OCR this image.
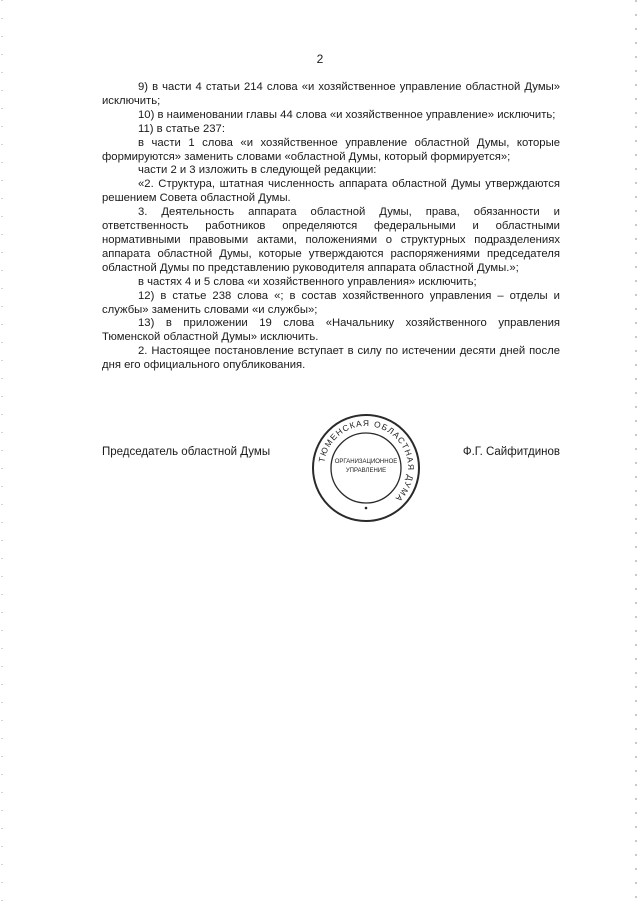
2

9) в части 4 статьи 214 слова «и хозяйственное управление областной Думы» исключить;

10) в наименовании главы 44 слова «и хозяйственное управление» исключить;

11) в статье 237:

в части 1 слова «и хозяйственное управление областной Думы, которые формируются» заменить словами «областной Думы, который формируется»;

части 2 и 3 изложить в следующей редакции:

«2. Структура, штатная численность аппарата областной Думы утверждаются решением Совета областной Думы.

3. Деятельность аппарата областной Думы, права, обязанности и ответственность работников определяются федеральными и областными нормативными правовыми актами, положениями о структурных подразделениях аппарата областной Думы, которые утверждаются распоряжениями председателя областной Думы по представлению руководителя аппарата областной Думы.»;

в частях 4 и 5 слова «и хозяйственного управления» исключить;

12) в статье 238 слова «; в состав хозяйственного управления – отделы и службы» заменить словами «и службы»;

13) в приложении 19 слова «Начальнику хозяйственного управления Тюменской областной Думы» исключить.

2. Настоящее постановление вступает в силу по истечении десяти дней после дня его официального опубликования.

Председатель областной Думы	Ф.Г. Сайфитдинов
ТЮМЕНСКАЯ ОБЛАСТНАЯ ДУМА
ОРГАНИЗАЦИОННОЕ
УПРАВЛЕНИЕ
